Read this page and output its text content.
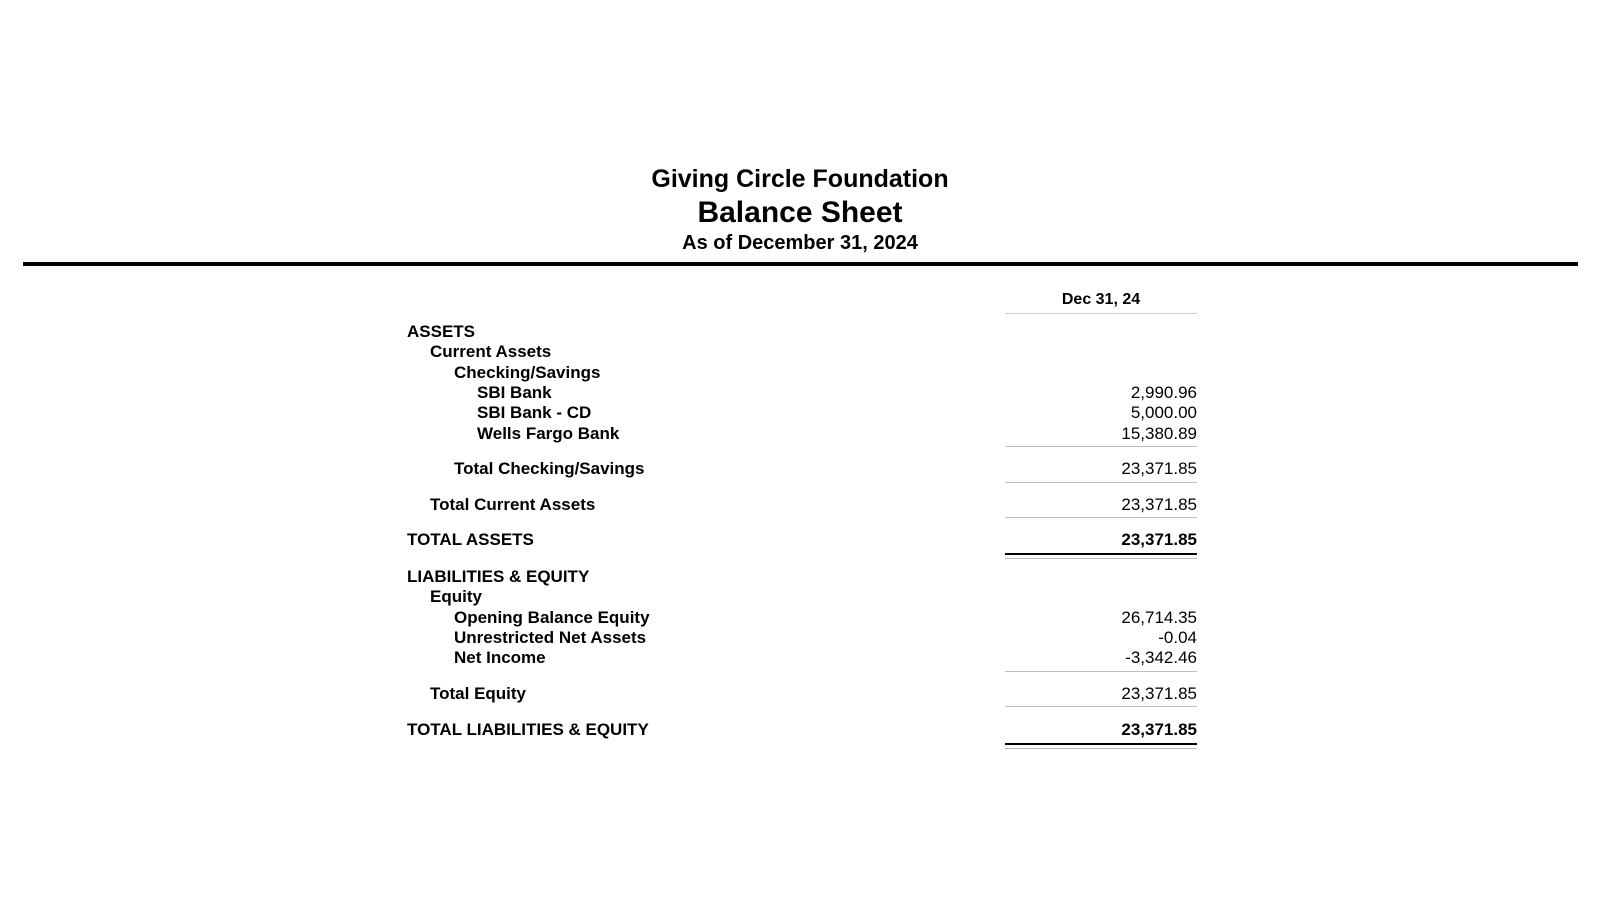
Giving Circle Foundation
Balance Sheet
As of December 31, 2024
Dec 31, 24
ASSETS
Current Assets
Checking/Savings
SBI Bank	2,990.96
SBI Bank - CD	5,000.00
Wells Fargo Bank	15,380.89
Total Checking/Savings	23,371.85
Total Current Assets	23,371.85
TOTAL ASSETS	23,371.85
LIABILITIES & EQUITY
Equity
Opening Balance Equity	26,714.35
Unrestricted Net Assets	-0.04
Net Income	-3,342.46
Total Equity	23,371.85
TOTAL LIABILITIES & EQUITY	23,371.85
